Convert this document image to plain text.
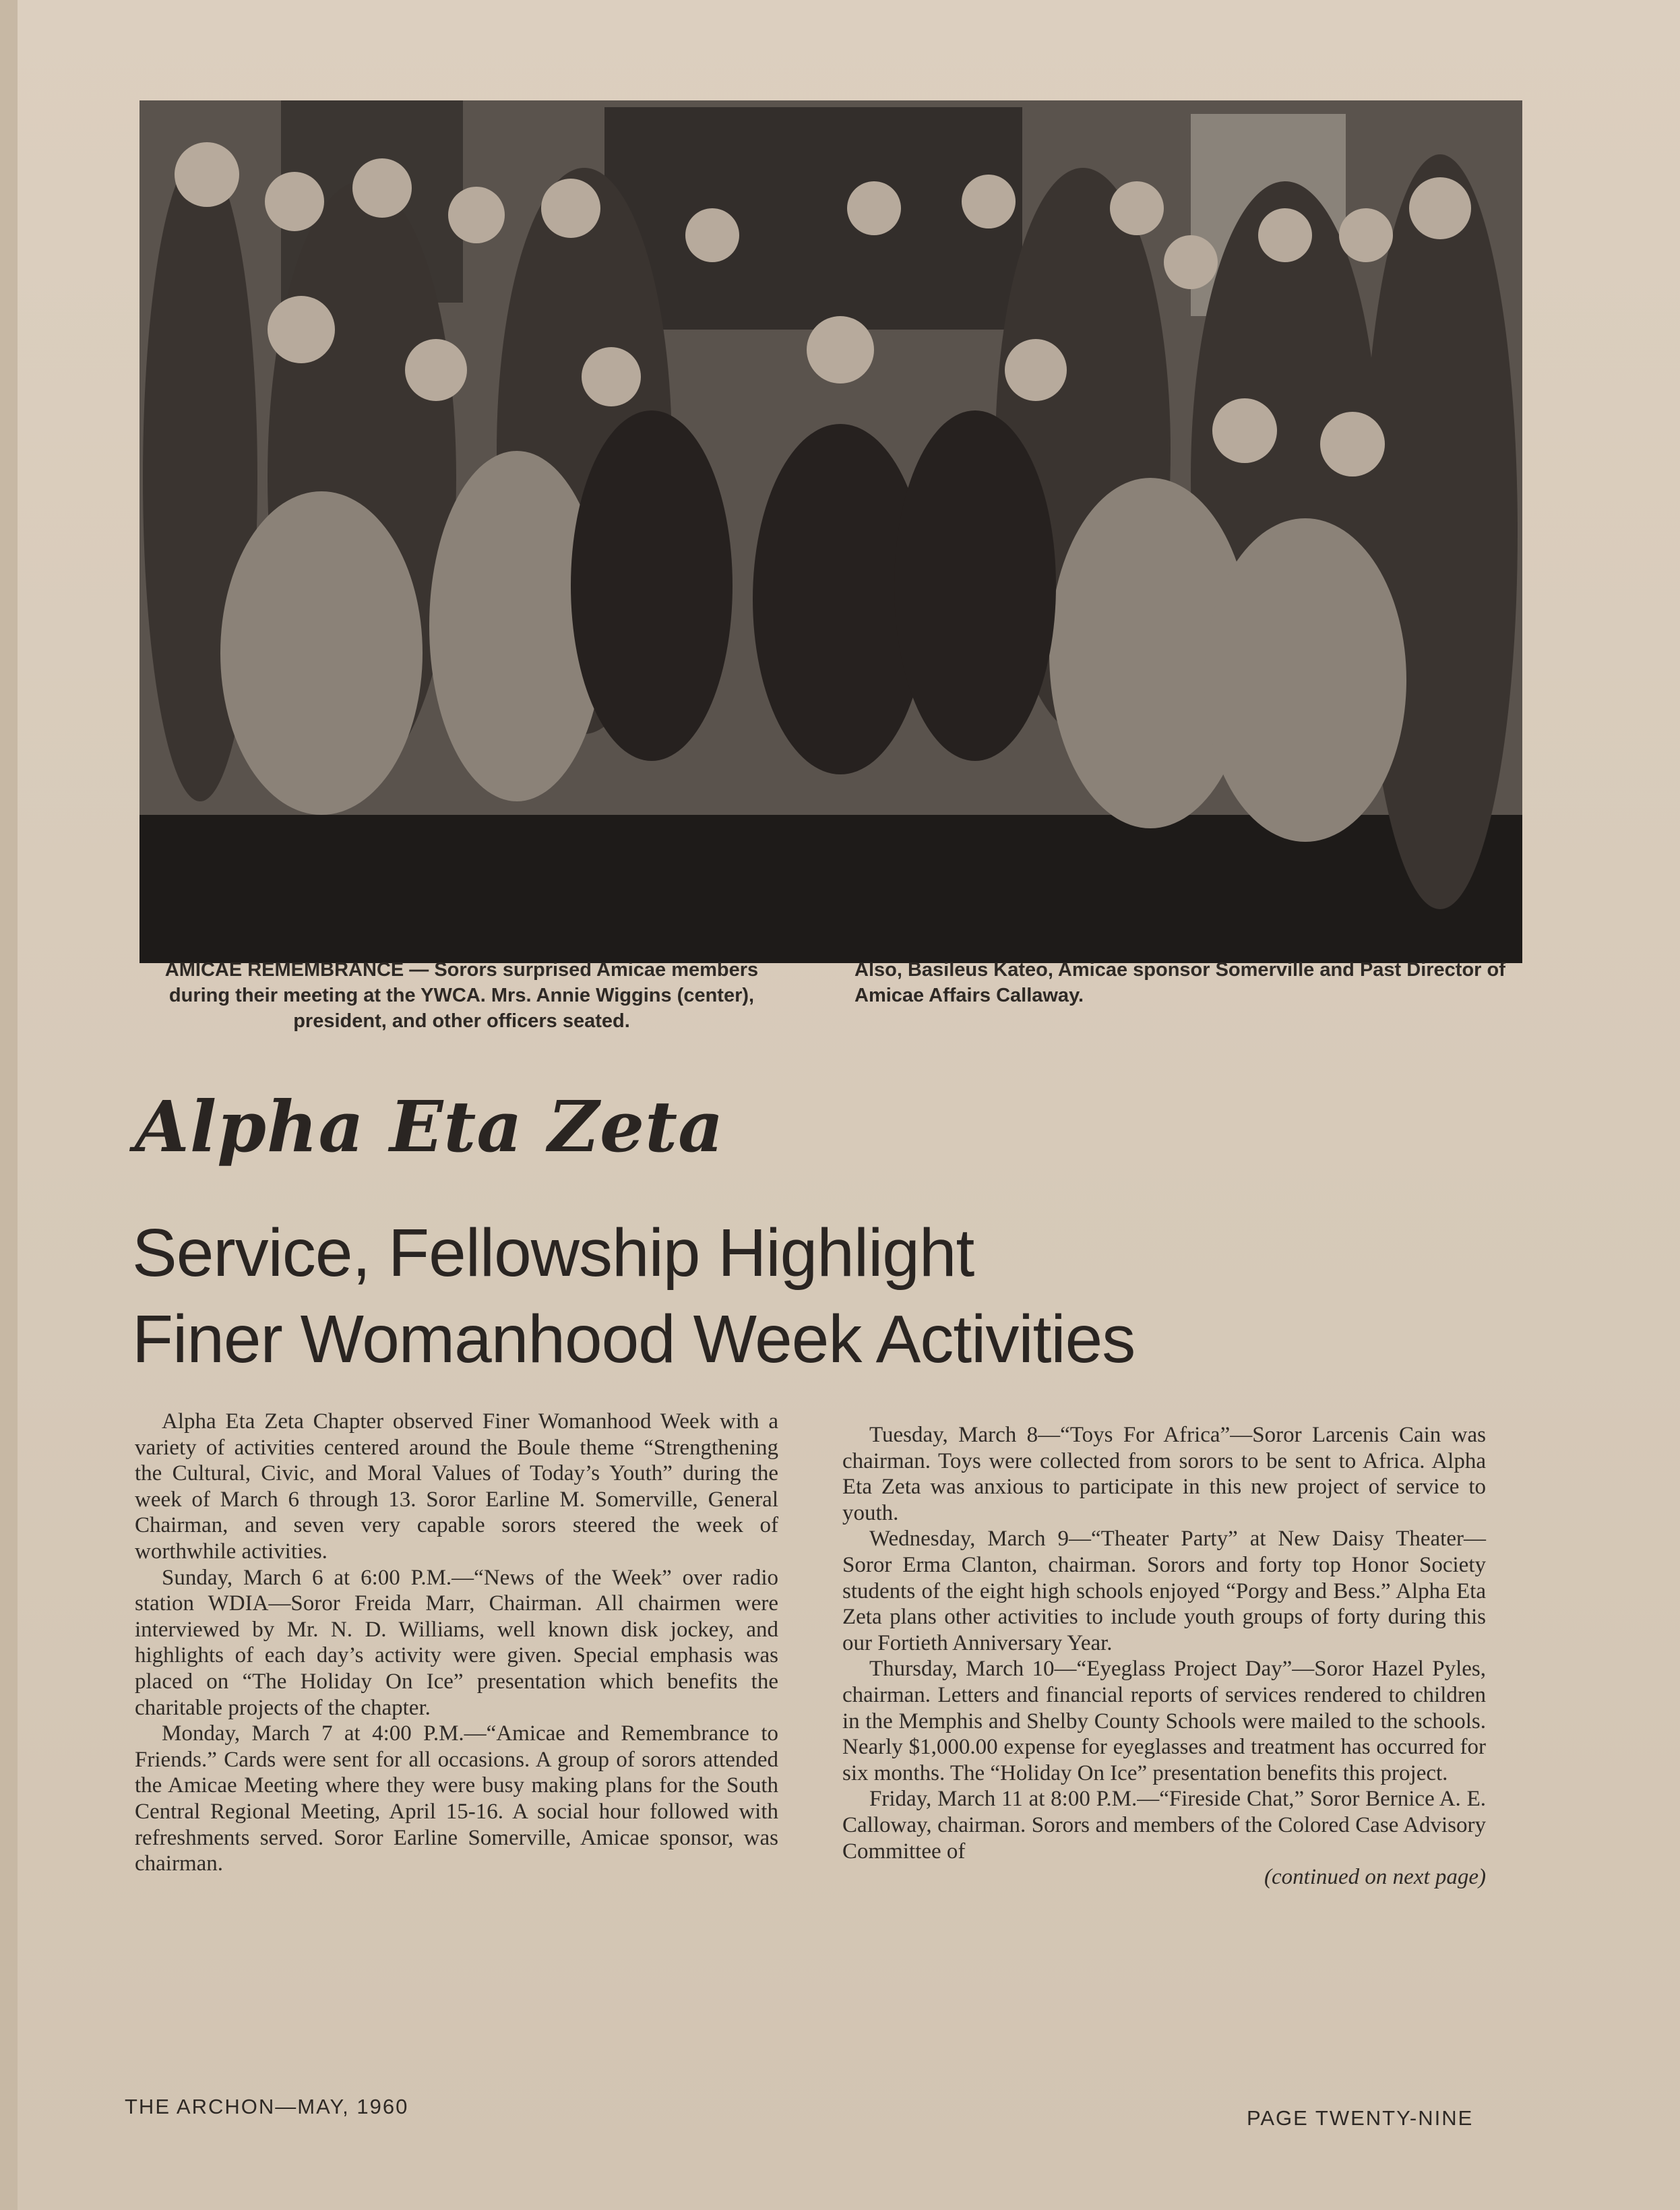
AMICAE REMEMBRANCE — Sorors surprised Amicae members during their meeting at the YWCA. Mrs. Annie Wiggins (center), president, and other officers seated.
Also, Basileus Kateo, Amicae sponsor Somerville and Past Director of Amicae Affairs Callaway.
Alpha Eta Zeta
Service, Fellowship Highlight
Finer Womanhood Week Activities

Alpha Eta Zeta Chapter observed Finer Womanhood Week with a variety of activities centered around the Boule theme “Strengthening the Cultural, Civic, and Moral Values of Today’s Youth” during the week of March 6 through 13. Soror Earline M. Somerville, General Chairman, and seven very capable sorors steered the week of worthwhile activities.

Sunday, March 6 at 6:00 P.M.—“News of the Week” over radio station WDIA—Soror Freida Marr, Chairman. All chairmen were interviewed by Mr. N. D. Williams, well known disk jockey, and highlights of each day’s activity were given. Special emphasis was placed on “The Holiday On Ice” presentation which benefits the charitable projects of the chapter.

Monday, March 7 at 4:00 P.M.—“Amicae and Remembrance to Friends.” Cards were sent for all occasions. A group of sorors attended the Amicae Meeting where they were busy making plans for the South Central Regional Meeting, April 15-16. A social hour followed with refreshments served. Soror Earline Somerville, Amicae sponsor, was chairman.

Tuesday, March 8—“Toys For Africa”—Soror Larcenis Cain was chairman. Toys were collected from sorors to be sent to Africa. Alpha Eta Zeta was anxious to participate in this new project of service to youth.

Wednesday, March 9—“Theater Party” at New Daisy Theater—Soror Erma Clanton, chairman. Sorors and forty top Honor Society students of the eight high schools enjoyed “Porgy and Bess.” Alpha Eta Zeta plans other activities to include youth groups of forty during this our Fortieth Anniversary Year.

Thursday, March 10—“Eyeglass Project Day”—Soror Hazel Pyles, chairman. Letters and financial reports of services rendered to children in the Memphis and Shelby County Schools were mailed to the schools. Nearly $1,000.00 expense for eyeglasses and treatment has occurred for six months. The “Holiday On Ice” presentation benefits this project.

Friday, March 11 at 8:00 P.M.—“Fireside Chat,” Soror Bernice A. E. Calloway, chairman. Sorors and members of the Colored Case Advisory Committee of

(continued on next page)

THE ARCHON—MAY, 1960	PAGE TWENTY-NINE
